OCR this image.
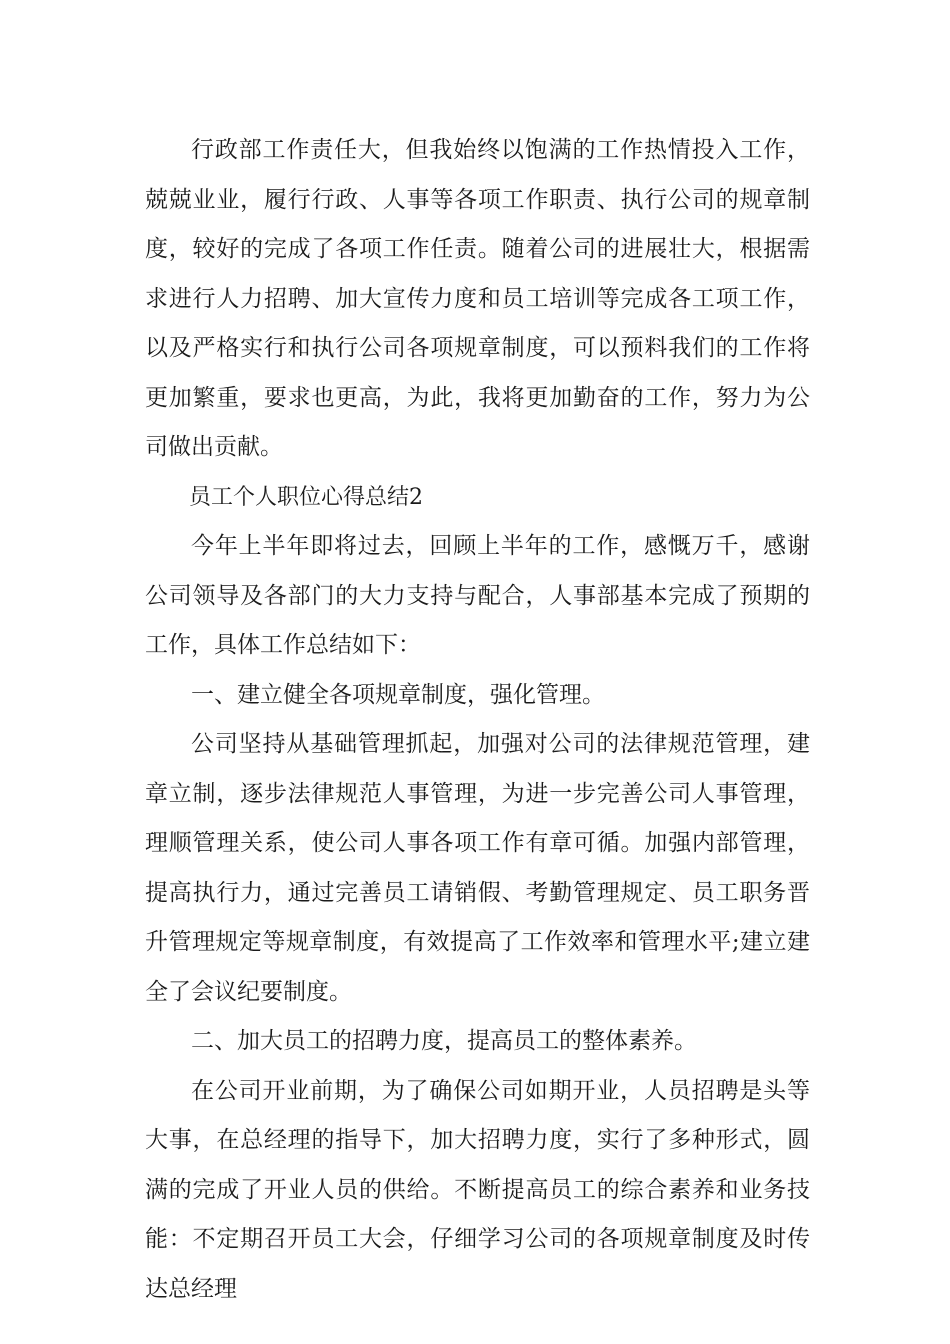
行政部工作责任大，但我始终以饱满的工作热情投入工作，兢兢业业，履行行政、人事等各项工作职责、执行公司的规章制度，较好的完成了各项工作任责。随着公司的进展壮大，根据需求进行人力招聘、加大宣传力度和员工培训等完成各工项工作，以及严格实行和执行公司各项规章制度，可以预料我们的工作将更加繁重，要求也更高，为此，我将更加勤奋的工作，努力为公司做出贡献。

员工个人职位心得总结2

今年上半年即将过去，回顾上半年的工作，感慨万千，感谢公司领导及各部门的大力支持与配合，人事部基本完成了预期的工作，具体工作总结如下：

一、建立健全各项规章制度，强化管理。

公司坚持从基础管理抓起，加强对公司的法律规范管理，建章立制，逐步法律规范人事管理，为进一步完善公司人事管理，理顺管理关系，使公司人事各项工作有章可循。加强内部管理，提高执行力，通过完善员工请销假、考勤管理规定、员工职务晋升管理规定等规章制度，有效提高了工作效率和管理水平;建立建全了会议纪要制度。

二、加大员工的招聘力度，提高员工的整体素养。

在公司开业前期，为了确保公司如期开业，人员招聘是头等大事，在总经理的指导下，加大招聘力度，实行了多种形式，圆满的完成了开业人员的供给。不断提高员工的综合素养和业务技能：不定期召开员工大会，仔细学习公司的各项规章制度及时传达总经理
